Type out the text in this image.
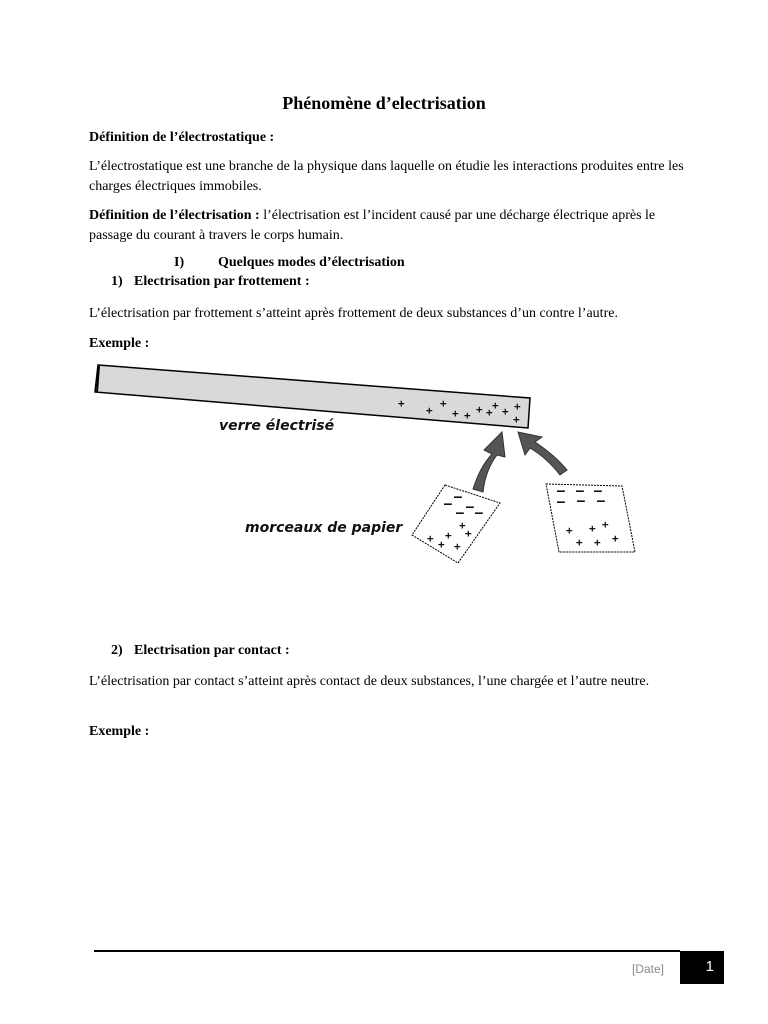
Phénomène d’electrisation

Définition de l’électrostatique :

L’électrostatique est une branche de la physique dans laquelle on étudie les interactions produites entre les charges électriques immobiles.

Définition de l’électrisation : l’électrisation est l’incident causé par une décharge électrique après le passage du courant à travers le corps humain.

I) Quelques modes d’électrisation
1) Electrisation par frottement :

L’électrisation par frottement s’atteint après frottement de deux substances d’un contre l’autre.

Exemple :

+	+
+ + + + +
+ + +
+
verre électrisé
morceaux de papier
–
– –
– –
+
+
+	+
+ +
– – –
– – –
+ + +
+ + +
2) Electrisation par contact :

L’électrisation par contact s’atteint après contact de deux substances, l’une chargée et l’autre neutre.

Exemple :

[Date]	1
